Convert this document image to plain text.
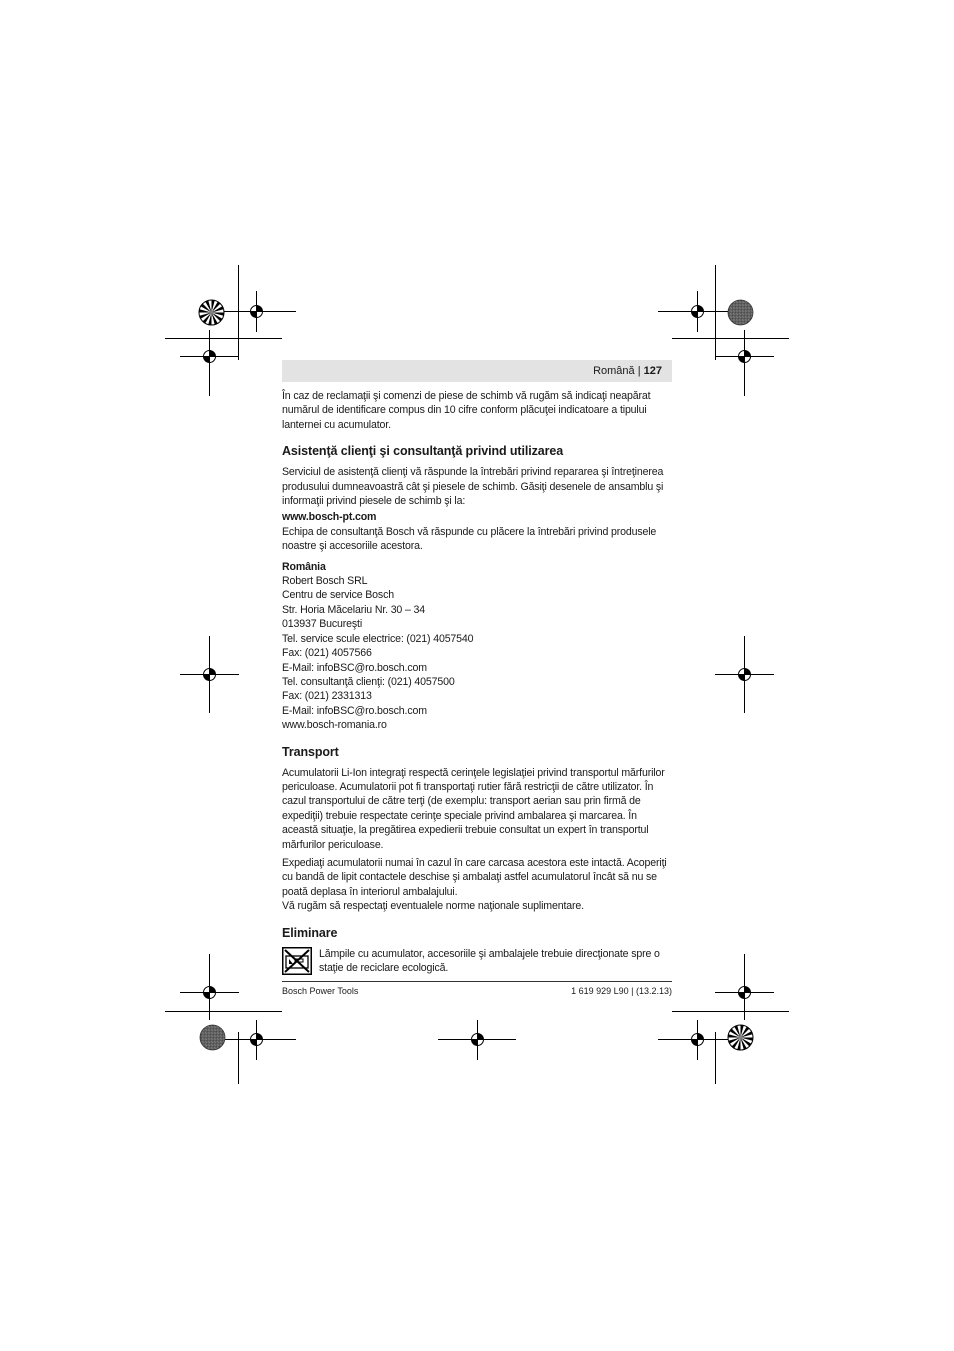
Română | 127

În caz de reclamaţii şi comenzi de piese de schimb vă rugăm să indicaţi neapărat numărul de identificare compus din 10 cifre conform plăcuţei indicatoare a tipului lanternei cu acumulator.

Asistenţă clienţi şi consultanţă privind utilizarea

Serviciul de asistenţă clienţi vă răspunde la întrebări privind repararea şi întreţinerea produsului dumneavoastră cât şi piesele de schimb. Găsiţi desenele de ansamblu şi informaţii privind piesele de schimb şi la:

www.bosch-pt.com

Echipa de consultanţă Bosch vă răspunde cu plăcere la întrebări privind produsele noastre şi accesoriile acestora.

România

Robert Bosch SRL
Centru de service Bosch
Str. Horia Măcelariu Nr. 30 – 34
013937 Bucureşti
Tel. service scule electrice: (021) 4057540
Fax: (021) 4057566
E-Mail: infoBSC@ro.bosch.com
Tel. consultanţă clienţi: (021) 4057500
Fax: (021) 2331313
E-Mail: infoBSC@ro.bosch.com
www.bosch-romania.ro
Transport

Acumulatorii Li-Ion integraţi respectă cerinţele legislaţiei privind transportul mărfurilor periculoase. Acumulatorii pot fi transportaţi rutier fără restricţii de către utilizator. În cazul transportului de către terţi (de exemplu: transport aerian sau prin firmă de expediţii) trebuie respectate cerinţe speciale privind ambalarea şi marcarea. În această situaţie, la pregătirea expedierii trebuie consultat un expert în transportul mărfurilor periculoase.

Expediaţi acumulatorii numai în cazul în care carcasa acestora este intactă. Acoperiţi cu bandă de lipit contactele deschise şi ambalaţi astfel acumulatorul încât să nu se poată deplasa în interiorul ambalajului.

Vă rugăm să respectaţi eventualele norme naţionale suplimentare.

Eliminare

Lămpile cu acumulator, accesoriile şi ambalajele trebuie direcţionate spre o staţie de reciclare ecologică.

Bosch Power Tools	1 619 929 L90 | (13.2.13)
